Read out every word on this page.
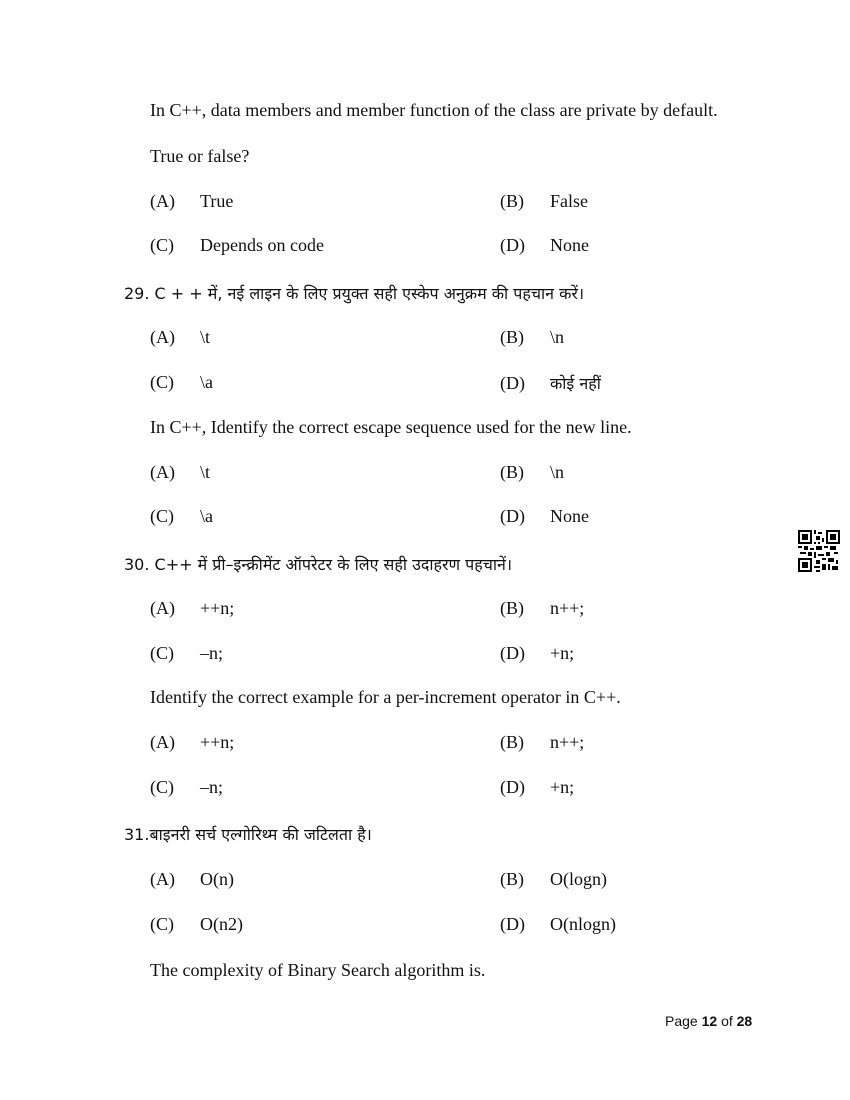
In C++, data members and member function of the class are private by default.
True or false?
(A) True	(B) False
(C) Depends on code	(D) None
29. C + + में, नई लाइन के लिए प्रयुक्त सही एस्केप अनुक्रम की पहचान करें।
(A) \t	(B) \n
(C) \a	(D) कोई नहीं
In C++, Identify the correct escape sequence used for the new line.
(A) \t	(B) \n
(C) \a	(D) None
30. C++ में प्री–इन्क्रीमेंट ऑपरेटर के लिए सही उदाहरण पहचानें।
(A) ++n;	(B) n++;
(C) –n;	(D) +n;
Identify the correct example for a per-increment operator in C++.
(A) ++n;	(B) n++;
(C) –n;	(D) +n;
31.बाइनरी सर्च एल्गोरिथ्म की जटिलता है।
(A) O(n)	(B) O(logn)
(C) O(n2)	(D) O(nlogn)
The complexity of Binary Search algorithm is.
Page 12 of 28
